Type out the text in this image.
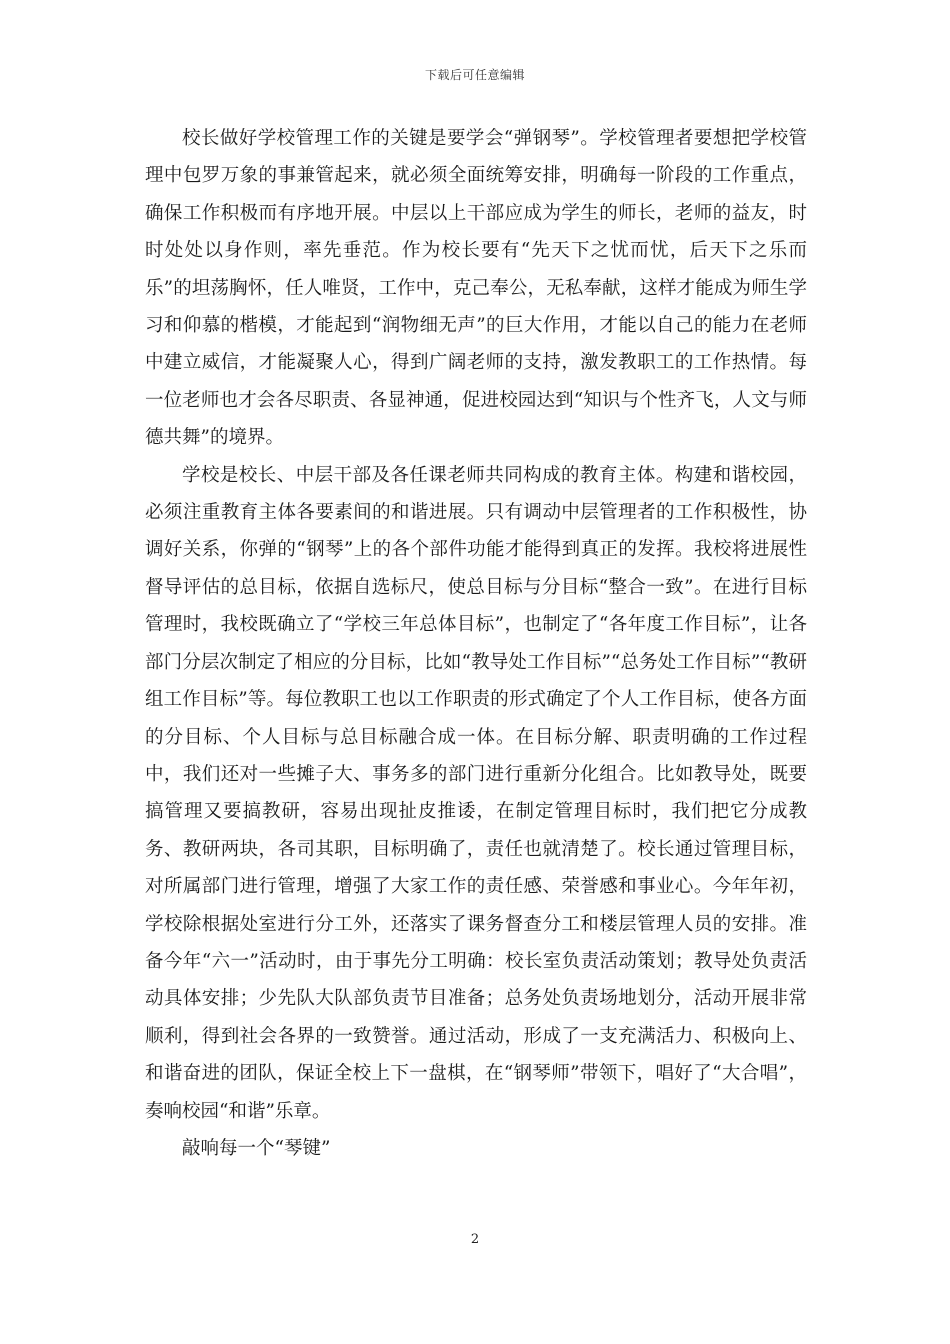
下载后可任意编辑

校长做好学校管理工作的关键是要学会“弹钢琴”。学校管理者要想把学校管理中包罗万象的事兼管起来，就必须全面统筹安排，明确每一阶段的工作重点，确保工作积极而有序地开展。中层以上干部应成为学生的师长，老师的益友，时时处处以身作则，率先垂范。作为校长要有“先天下之忧而忧，后天下之乐而乐”的坦荡胸怀，任人唯贤，工作中，克己奉公，无私奉献，这样才能成为师生学习和仰慕的楷模，才能起到“润物细无声”的巨大作用，才能以自己的能力在老师中建立威信，才能凝聚人心，得到广阔老师的支持，激发教职工的工作热情。每一位老师也才会各尽职责、各显神通，促进校园达到“知识与个性齐飞，人文与师德共舞”的境界。

学校是校长、中层干部及各任课老师共同构成的教育主体。构建和谐校园，必须注重教育主体各要素间的和谐进展。只有调动中层管理者的工作积极性，协调好关系，你弹的“钢琴”上的各个部件功能才能得到真正的发挥。我校将进展性督导评估的总目标，依据自选标尺，使总目标与分目标“整合一致”。在进行目标管理时，我校既确立了“学校三年总体目标”，也制定了“各年度工作目标”，让各部门分层次制定了相应的分目标，比如“教导处工作目标”“总务处工作目标”“教研组工作目标”等。每位教职工也以工作职责的形式确定了个人工作目标，使各方面的分目标、个人目标与总目标融合成一体。在目标分解、职责明确的工作过程中，我们还对一些摊子大、事务多的部门进行重新分化组合。比如教导处，既要搞管理又要搞教研，容易出现扯皮推诿，在制定管理目标时，我们把它分成教务、教研两块，各司其职，目标明确了，责任也就清楚了。校长通过管理目标，对所属部门进行管理，增强了大家工作的责任感、荣誉感和事业心。今年年初，学校除根据处室进行分工外，还落实了课务督查分工和楼层管理人员的安排。准备今年“六一”活动时，由于事先分工明确：校长室负责活动策划；教导处负责活动具体安排；少先队大队部负责节目准备；总务处负责场地划分，活动开展非常顺利，得到社会各界的一致赞誉。通过活动，形成了一支充满活力、积极向上、和谐奋进的团队，保证全校上下一盘棋，在“钢琴师”带领下，唱好了“大合唱”，奏响校园“和谐”乐章。

敲响每一个“琴键”

2
